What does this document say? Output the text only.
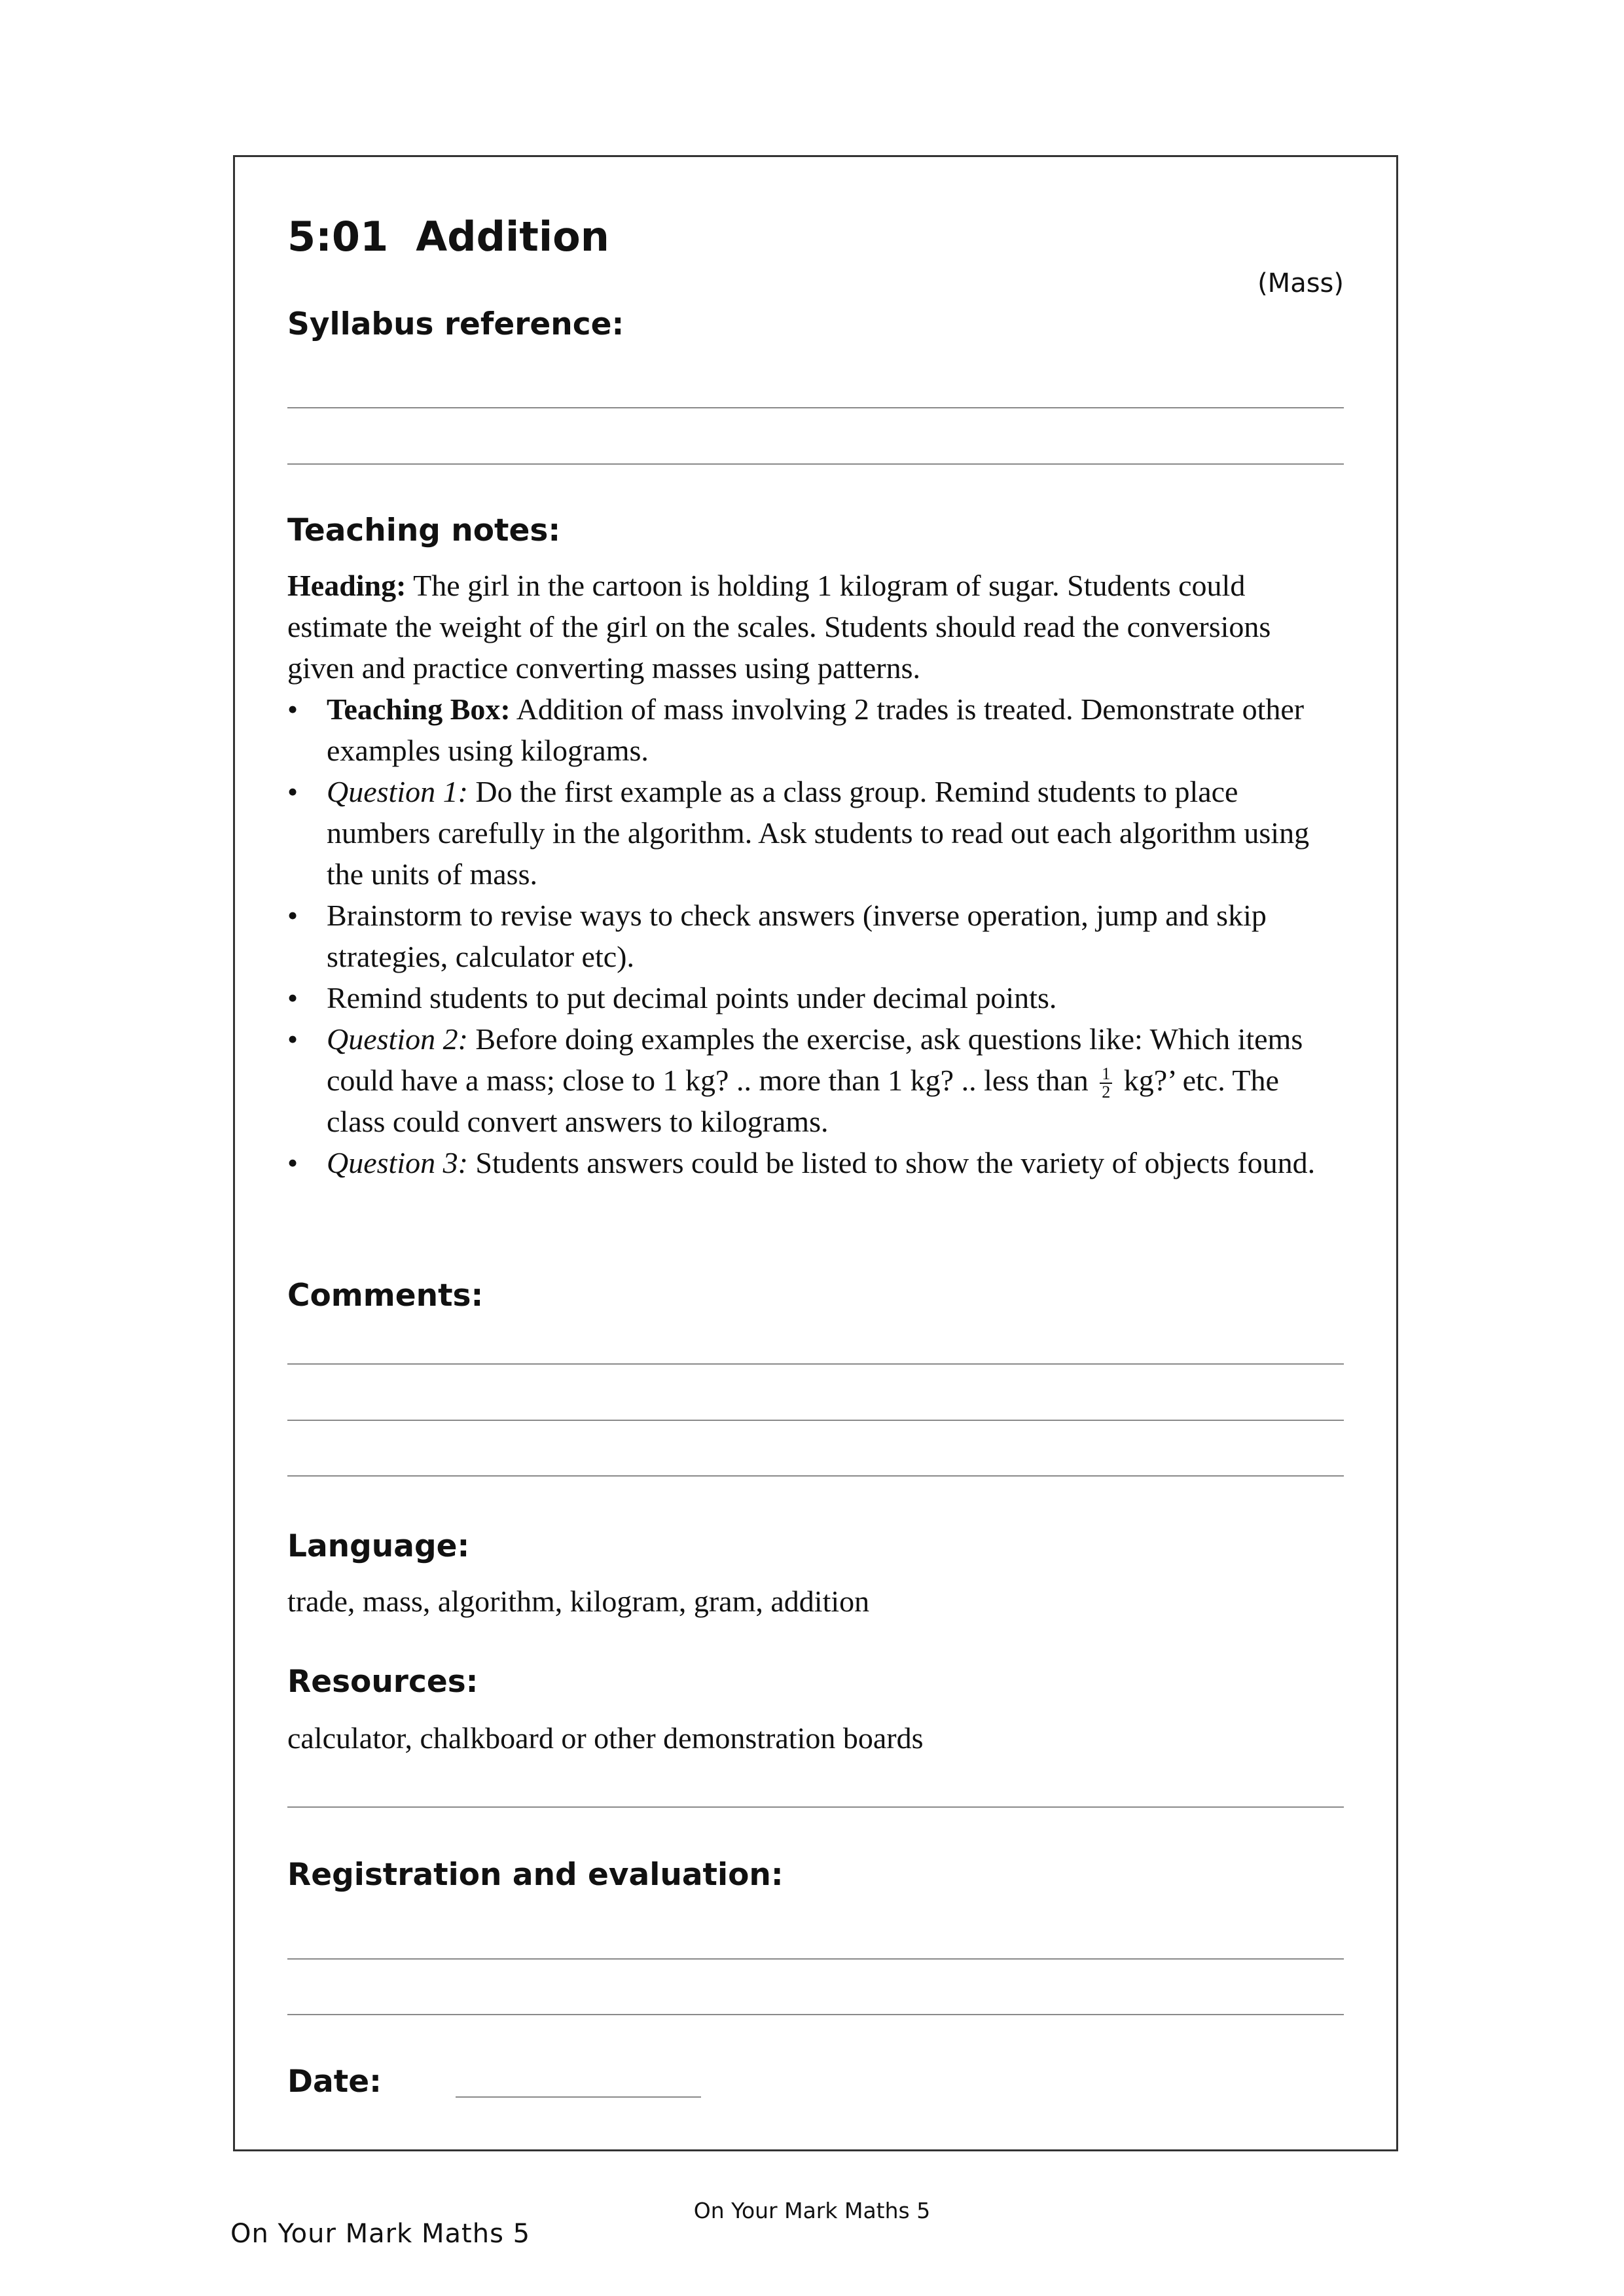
5:01 Addition
(Mass)
Syllabus reference:
Teaching notes:

Heading: The girl in the cartoon is holding 1 kilogram of sugar. Students could estimate the weight of the girl on the scales. Students should read the conversions given and practice converting masses using patterns.

• Teaching Box: Addition of mass involving 2 trades is treated. Demonstrate other examples using kilograms.
• Question 1: Do the first example as a class group. Remind students to place numbers carefully in the algorithm. Ask students to read out each algorithm using the units of mass.
• Brainstorm to revise ways to check answers (inverse operation, jump and skip strategies, calculator etc).
• Remind students to put decimal points under decimal points.
• Question 2: Before doing examples the exercise, ask questions like: Which items could have a mass; close to 1 kg? .. more than 1 kg? .. less than $\frac{1}{2}$ kg?’ etc. The class could convert answers to kilograms.
• Question 3: Students answers could be listed to show the variety of objects found.
Comments:
Language:
trade, mass, algorithm, kilogram, gram, addition
Resources:
calculator, chalkboard or other demonstration boards
Registration and evaluation:
Date:
On Your Mark Maths 5
On Your Mark Maths 5
